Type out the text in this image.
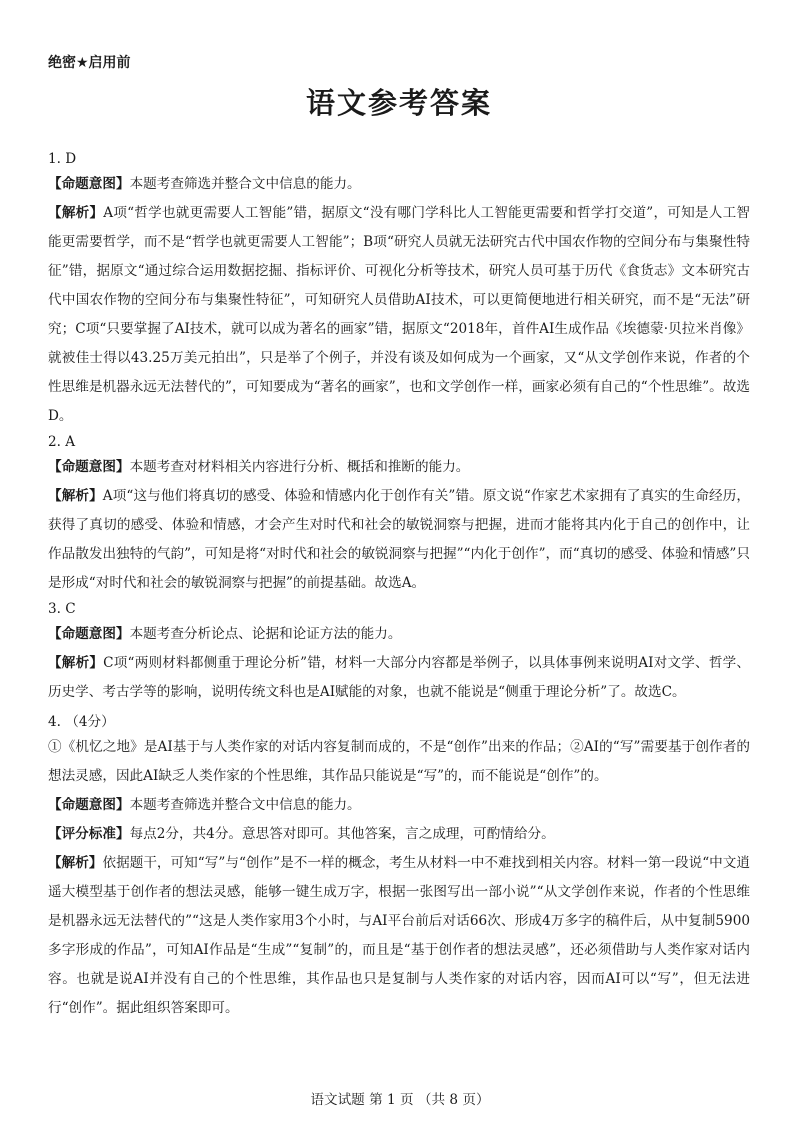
绝密★启用前
语文参考答案
1. D
【命题意图】本题考查筛选并整合文中信息的能力。
【解析】A项“哲学也就更需要人工智能”错，据原文“没有哪门学科比人工智能更需要和哲学打交道”，可知是人工智能更需要哲学，而不是“哲学也就更需要人工智能”；B项“研究人员就无法研究古代中国农作物的空间分布与集聚性特征”错，据原文“通过综合运用数据挖掘、指标评价、可视化分析等技术，研究人员可基于历代《食货志》文本研究古代中国农作物的空间分布与集聚性特征”，可知研究人员借助AI技术，可以更简便地进行相关研究，而不是“无法”研究；C项“只要掌握了AI技术，就可以成为著名的画家”错，据原文“2018年，首件AI生成作品《埃德蒙·贝拉米肖像》就被佳士得以43.25万美元拍出”，只是举了个例子，并没有谈及如何成为一个画家，又“从文学创作来说，作者的个性思维是机器永远无法替代的”，可知要成为“著名的画家”，也和文学创作一样，画家必须有自己的“个性思维”。故选D。
2. A
【命题意图】本题考查对材料相关内容进行分析、概括和推断的能力。
【解析】A项“这与他们将真切的感受、体验和情感内化于创作有关”错。原文说“作家艺术家拥有了真实的生命经历，获得了真切的感受、体验和情感，才会产生对时代和社会的敏锐洞察与把握，进而才能将其内化于自己的创作中，让作品散发出独特的气韵”，可知是将“对时代和社会的敏锐洞察与把握”“内化于创作”，而“真切的感受、体验和情感”只是形成“对时代和社会的敏锐洞察与把握”的前提基础。故选A。
3. C
【命题意图】本题考查分析论点、论据和论证方法的能力。
【解析】C项“两则材料都侧重于理论分析”错，材料一大部分内容都是举例子，以具体事例来说明AI对文学、哲学、历史学、考古学等的影响，说明传统文科也是AI赋能的对象，也就不能说是“侧重于理论分析”了。故选C。
4. （4分）
①《机忆之地》是AI基于与人类作家的对话内容复制而成的，不是“创作”出来的作品；②AI的“写”需要基于创作者的想法灵感，因此AI缺乏人类作家的个性思维，其作品只能说是“写”的，而不能说是“创作”的。
【命题意图】本题考查筛选并整合文中信息的能力。
【评分标准】每点2分，共4分。意思答对即可。其他答案，言之成理，可酌情给分。
【解析】依据题干，可知“写”与“创作”是不一样的概念，考生从材料一中不难找到相关内容。材料一第一段说“中文逍遥大模型基于创作者的想法灵感，能够一键生成万字，根据一张图写出一部小说”“从文学创作来说，作者的个性思维是机器永远无法替代的”“这是人类作家用3个小时，与AI平台前后对话66次、形成4万多字的稿件后，从中复制5900多字形成的作品”，可知AI作品是“生成”“复制”的，而且是“基于创作者的想法灵感”，还必须借助与人类作家对话内容。也就是说AI并没有自己的个性思维，其作品也只是复制与人类作家的对话内容，因而AI可以“写”，但无法进行“创作”。据此组织答案即可。
语文试题 第 1 页 （共 8 页）
